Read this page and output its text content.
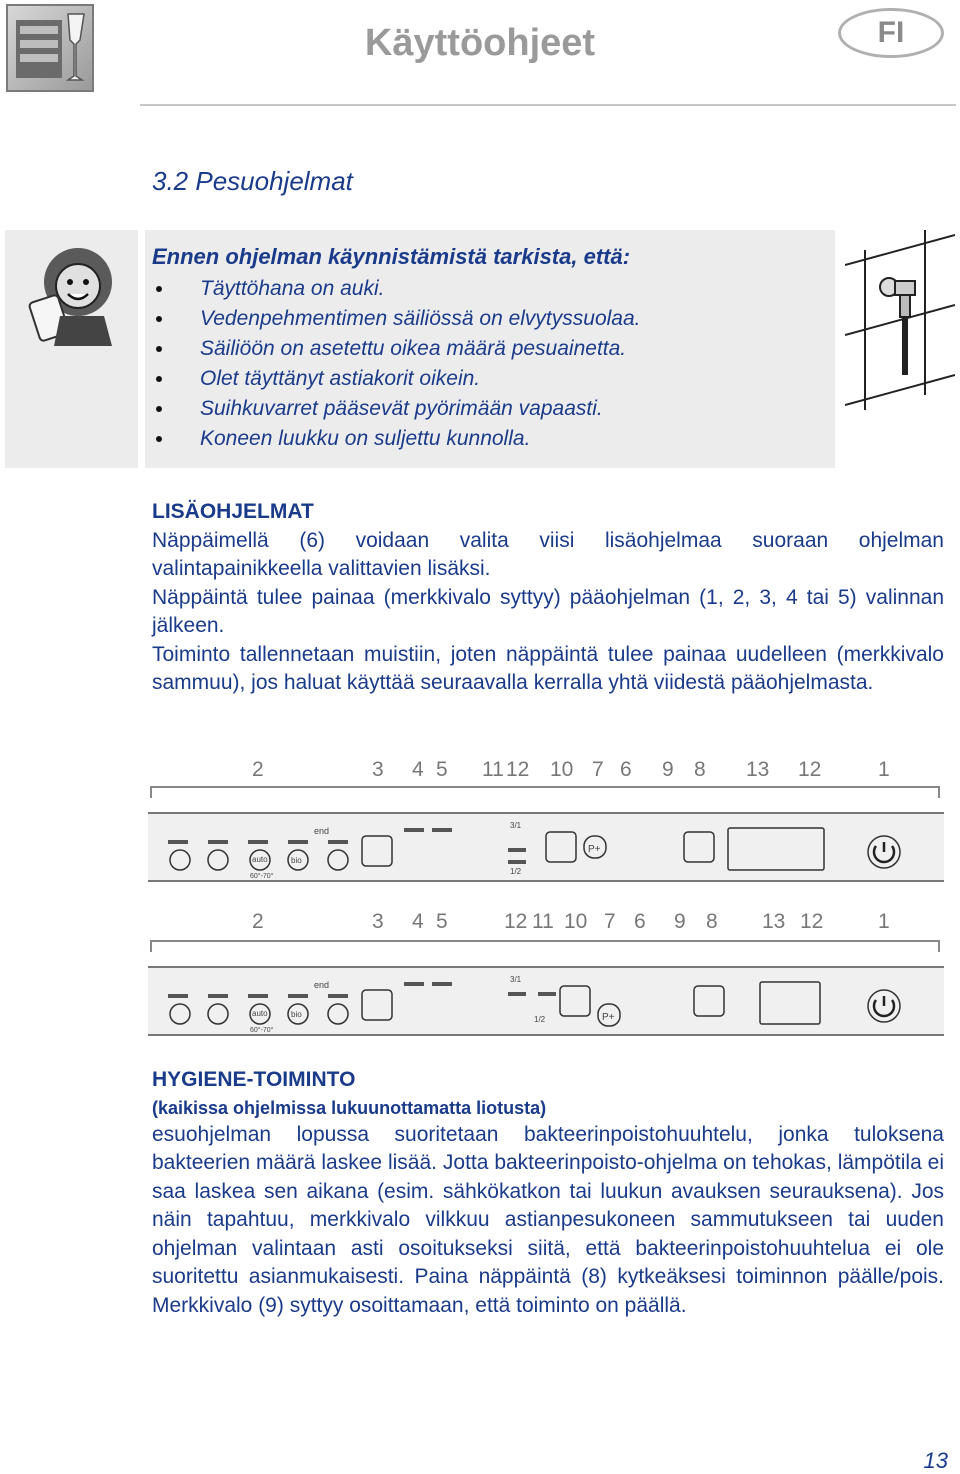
Käyttöohjeet	FI
3.2 Pesuohjelmat
Ennen ohjelman käynnistämistä tarkista, että:
Täyttöhana on auki.
Vedenpehmentimen säiliössä on elvytyssuolaa.
Säiliöön on asetettu oikea määrä pesuainetta.
Olet täyttänyt astiakorit oikein.
Suihkuvarret pääsevät pyörimään vapaasti.
Koneen luukku on suljettu kunnolla.
LISÄOHJELMAT
Näppäimellä (6) voidaan valita viisi lisäohjelmaa suoraan ohjelman valintapainikkeella valittavien lisäksi.
Näppäintä tulee painaa (merkkivalo syttyy) pääohjelman (1, 2, 3, 4 tai 5) valinnan jälkeen.
Toiminto tallennetaan muistiin, joten näppäintä tulee painaa uudelleen (merkkivalo sammuu), jos haluat käyttää seuraavalla kerralla yhtä viidestä pääohjelmasta.
2	3 4 5 11 12 10 7 6 9 8 13 12	1
end
auto	bio
60°-70°
3/1
1/2
P+
2	3 4 5	12 11 10 7 6 9 8 13 12	1
end
auto	bio
60°-70°
3/1
1/2	P+
HYGIENE-TOIMINTO
(kaikissa ohjelmissa lukuunottamatta liotusta)
esuohjelman lopussa suoritetaan bakteerinpoistohuuhtelu, jonka tuloksena bakteerien määrä laskee lisää. Jotta bakteerinpoisto-ohjelma on tehokas, lämpötila ei saa laskea sen aikana (esim. sähkökatkon tai luukun avauksen seurauksena). Jos näin tapahtuu, merkkivalo vilkkuu astianpesukoneen sammutukseen tai uuden ohjelman valintaan asti osoitukseksi siitä, että bakteerinpoistohuuhtelua ei ole suoritettu asianmukaisesti. Paina näppäintä (8) kytkeäksesi toiminnon päälle/pois. Merkkivalo (9) syttyy osoittamaan, että toiminto on päällä.
13
